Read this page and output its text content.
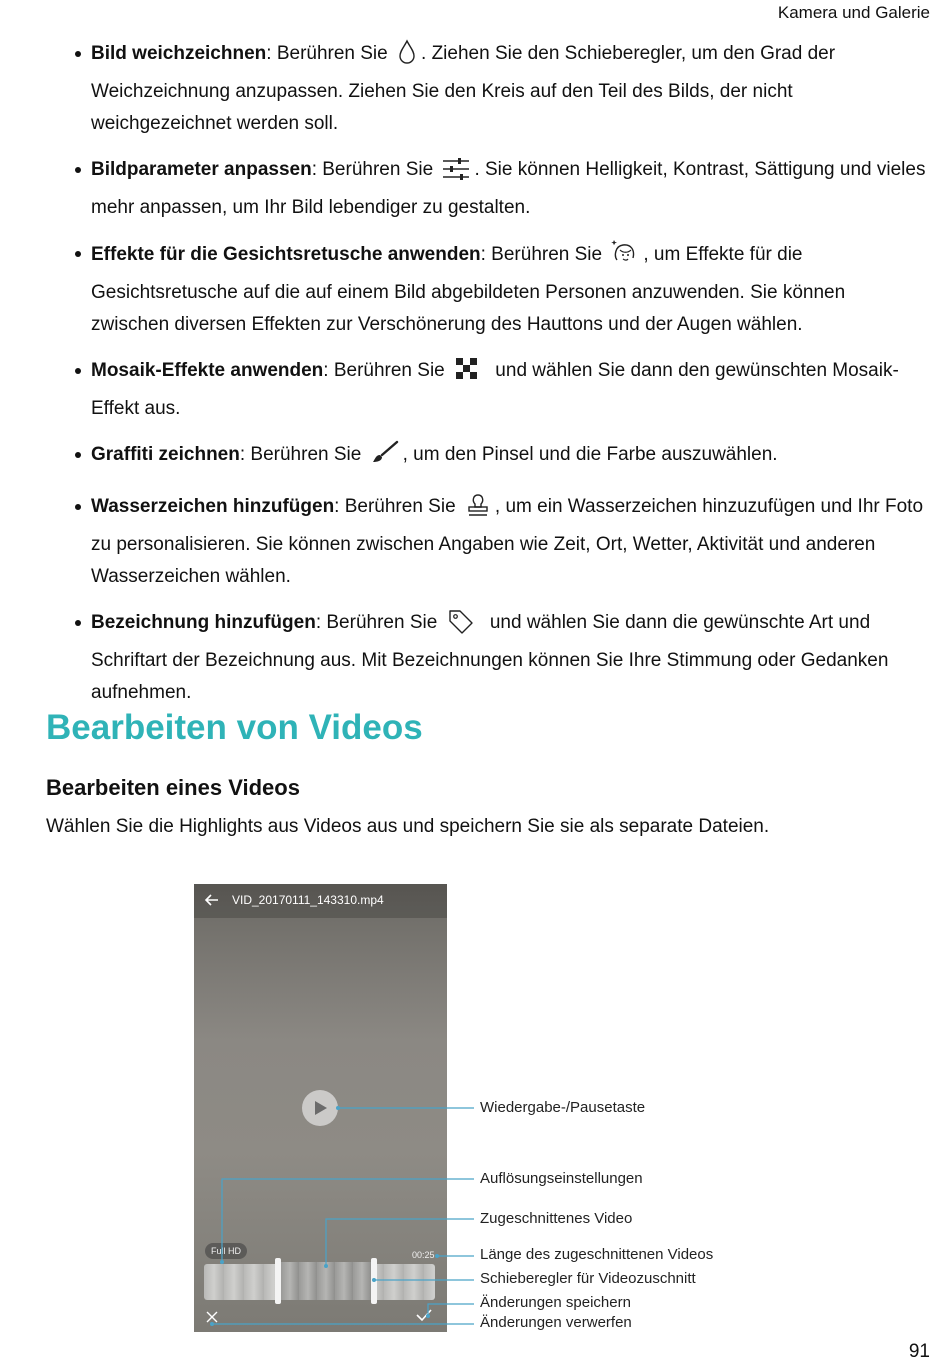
Kamera und Galerie
Bild weichzeichnen: Berühren Sie . Ziehen Sie den Schieberegler, um den Grad der Weichzeichnung anzupassen. Ziehen Sie den Kreis auf den Teil des Bilds, der nicht weichgezeichnet werden soll.
Bildparameter anpassen: Berühren Sie . Sie können Helligkeit, Kontrast, Sättigung und vieles mehr anpassen, um Ihr Bild lebendiger zu gestalten.
Effekte für die Gesichtsretusche anwenden: Berühren Sie , um Effekte für die Gesichtsretusche auf die auf einem Bild abgebildeten Personen anzuwenden. Sie können zwischen diversen Effekten zur Verschönerung des Hauttons und der Augen wählen.
Mosaik-Effekte anwenden: Berühren Sie  und wählen Sie dann den gewünschten Mosaik-Effekt aus.
Graffiti zeichnen: Berühren Sie , um den Pinsel und die Farbe auszuwählen.
Wasserzeichen hinzufügen: Berühren Sie , um ein Wasserzeichen hinzuzufügen und Ihr Foto zu personalisieren. Sie können zwischen Angaben wie Zeit, Ort, Wetter, Aktivität und anderen Wasserzeichen wählen.
Bezeichnung hinzufügen: Berühren Sie  und wählen Sie dann die gewünschte Art und Schriftart der Bezeichnung aus. Mit Bezeichnungen können Sie Ihre Stimmung oder Gedanken aufnehmen.
Bearbeiten von Videos
Bearbeiten eines Videos
Wählen Sie die Highlights aus Videos aus und speichern Sie sie als separate Dateien.
VID_20170111_143310.mp4
Full HD	00:25
Wiedergabe-/Pausetaste
Auflösungseinstellungen
Zugeschnittenes Video
Länge des zugeschnittenen Videos
Schieberegler für Videozuschnitt
Änderungen speichern
Änderungen verwerfen
91
